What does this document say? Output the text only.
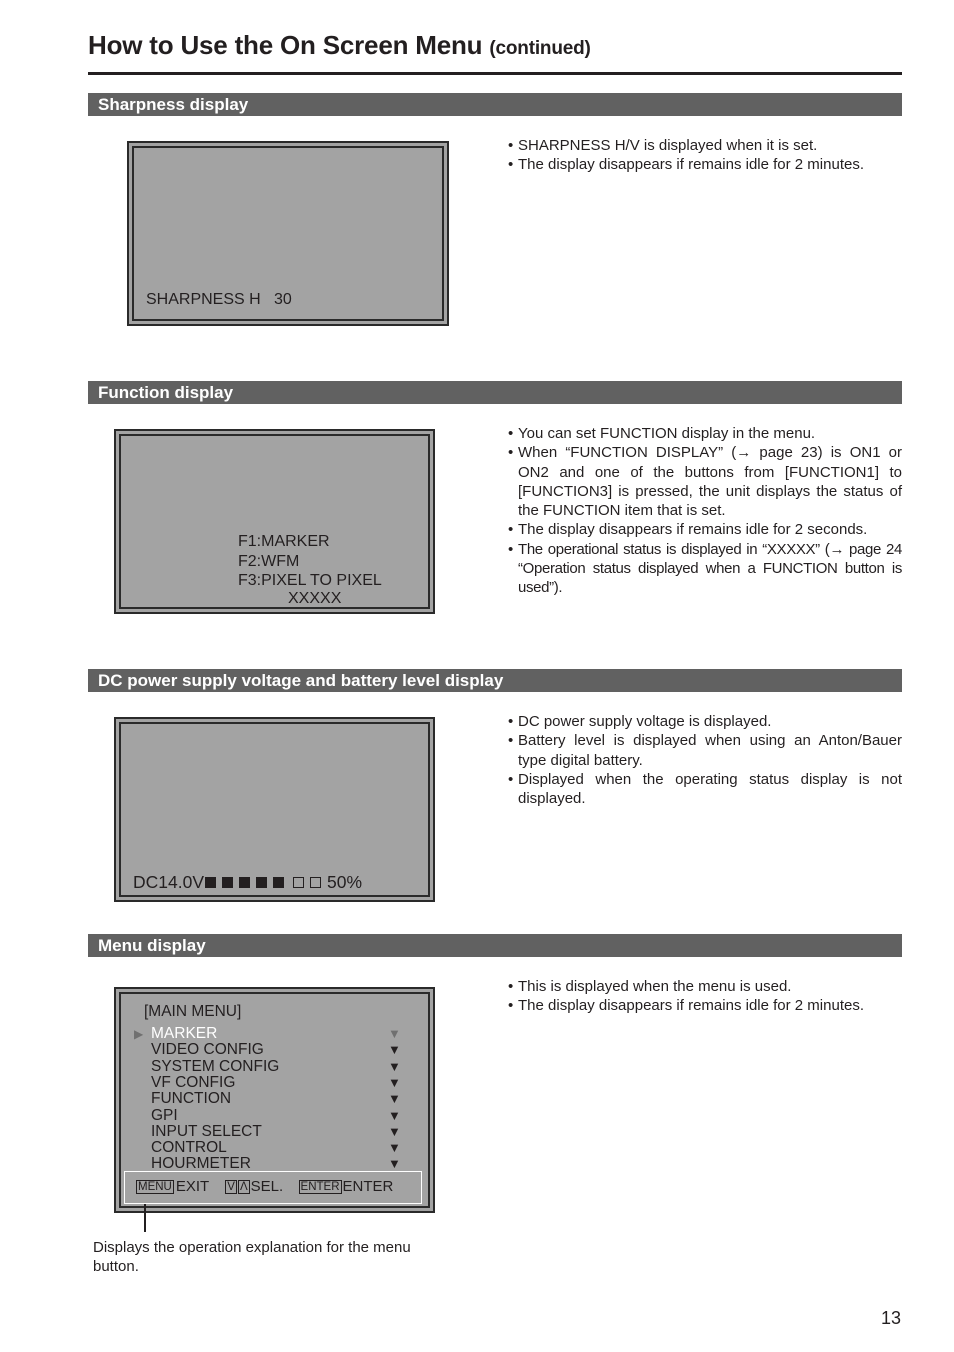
How to Use the On Screen Menu (continued)
Sharpness display
SHARPNESS H   30
• SHARPNESS H/V is displayed when it is set.
• The display disappears if remains idle for 2 minutes.
Function display
F1:MARKER
F2:WFM
F3:PIXEL TO PIXEL
XXXXX
• You can set FUNCTION display in the menu.
• When “FUNCTION DISPLAY” (→ page 23) is ON1 or ON2 and one of the buttons from [FUNCTION1] to [FUNCTION3] is pressed, the unit displays the status of the FUNCTION item that is set.
• The display disappears if remains idle for 2 seconds.
• The operational status is displayed in “XXXXX” (→ page 24 “Operation status displayed when a FUNCTION button is used”).
DC power supply voltage and battery level display
DC14.0V	50%
• DC power supply voltage is displayed.
• Battery level is displayed when using an Anton/Bauer type digital battery.
• Displayed when the operating status display is not displayed.
Menu display
[MAIN MENU]
▶ MARKER	▼
VIDEO CONFIG	▼
SYSTEM CONFIG	▼
VF CONFIG	▼
FUNCTION	▼
GPI	▼
INPUT SELECT	▼
CONTROL	▼
HOURMETER	▼
MENU EXIT V Λ SEL. ENTER ENTER
• This is displayed when the menu is used.
• The display disappears if remains idle for 2 minutes.
Displays the operation explanation for the menu button.
13
